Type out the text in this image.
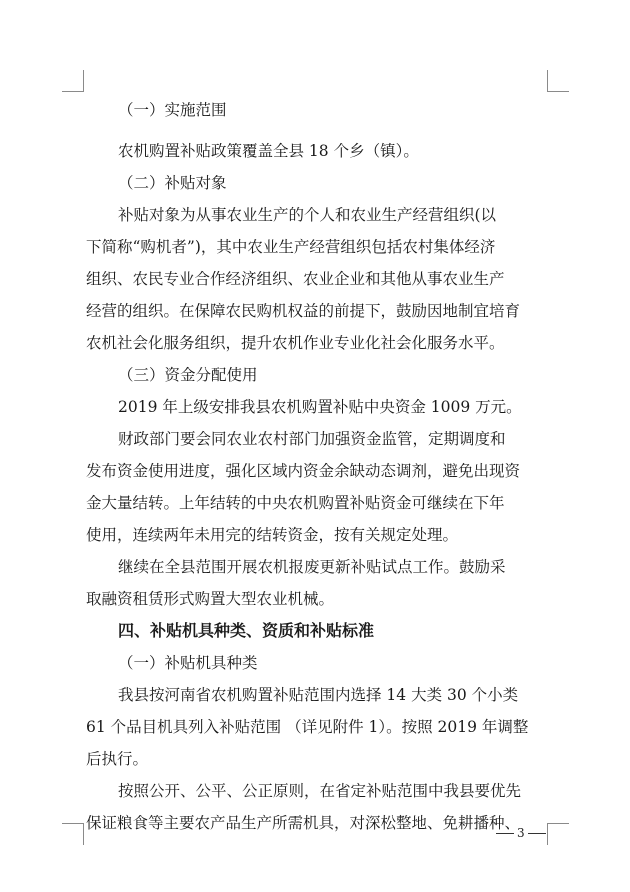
（一）实施范围
农机购置补贴政策覆盖全县 18 个乡（镇）。
（二）补贴对象
补贴对象为从事农业生产的个人和农业生产经营组织(以
下简称“购机者”)，其中农业生产经营组织包括农村集体经济
组织、农民专业合作经济组织、农业企业和其他从事农业生产
经营的组织。在保障农民购机权益的前提下，鼓励因地制宜培育
农机社会化服务组织，提升农机作业专业化社会化服务水平。
（三）资金分配使用
2019 年上级安排我县农机购置补贴中央资金 1009 万元。
财政部门要会同农业农村部门加强资金监管，定期调度和
发布资金使用进度，强化区域内资金余缺动态调剂，避免出现资
金大量结转。上年结转的中央农机购置补贴资金可继续在下年
使用，连续两年未用完的结转资金，按有关规定处理。
继续在全县范围开展农机报废更新补贴试点工作。鼓励采
取融资租赁形式购置大型农业机械。
四、补贴机具种类、资质和补贴标准
（一）补贴机具种类
我县按河南省农机购置补贴范围内选择 14 大类 30 个小类
61 个品目机具列入补贴范围 （详见附件 1）。按照 2019 年调整
后执行。
按照公开、公平、公正原则，在省定补贴范围中我县要优先
保证粮食等主要农产品生产所需机具，对深松整地、免耕播种、
3
